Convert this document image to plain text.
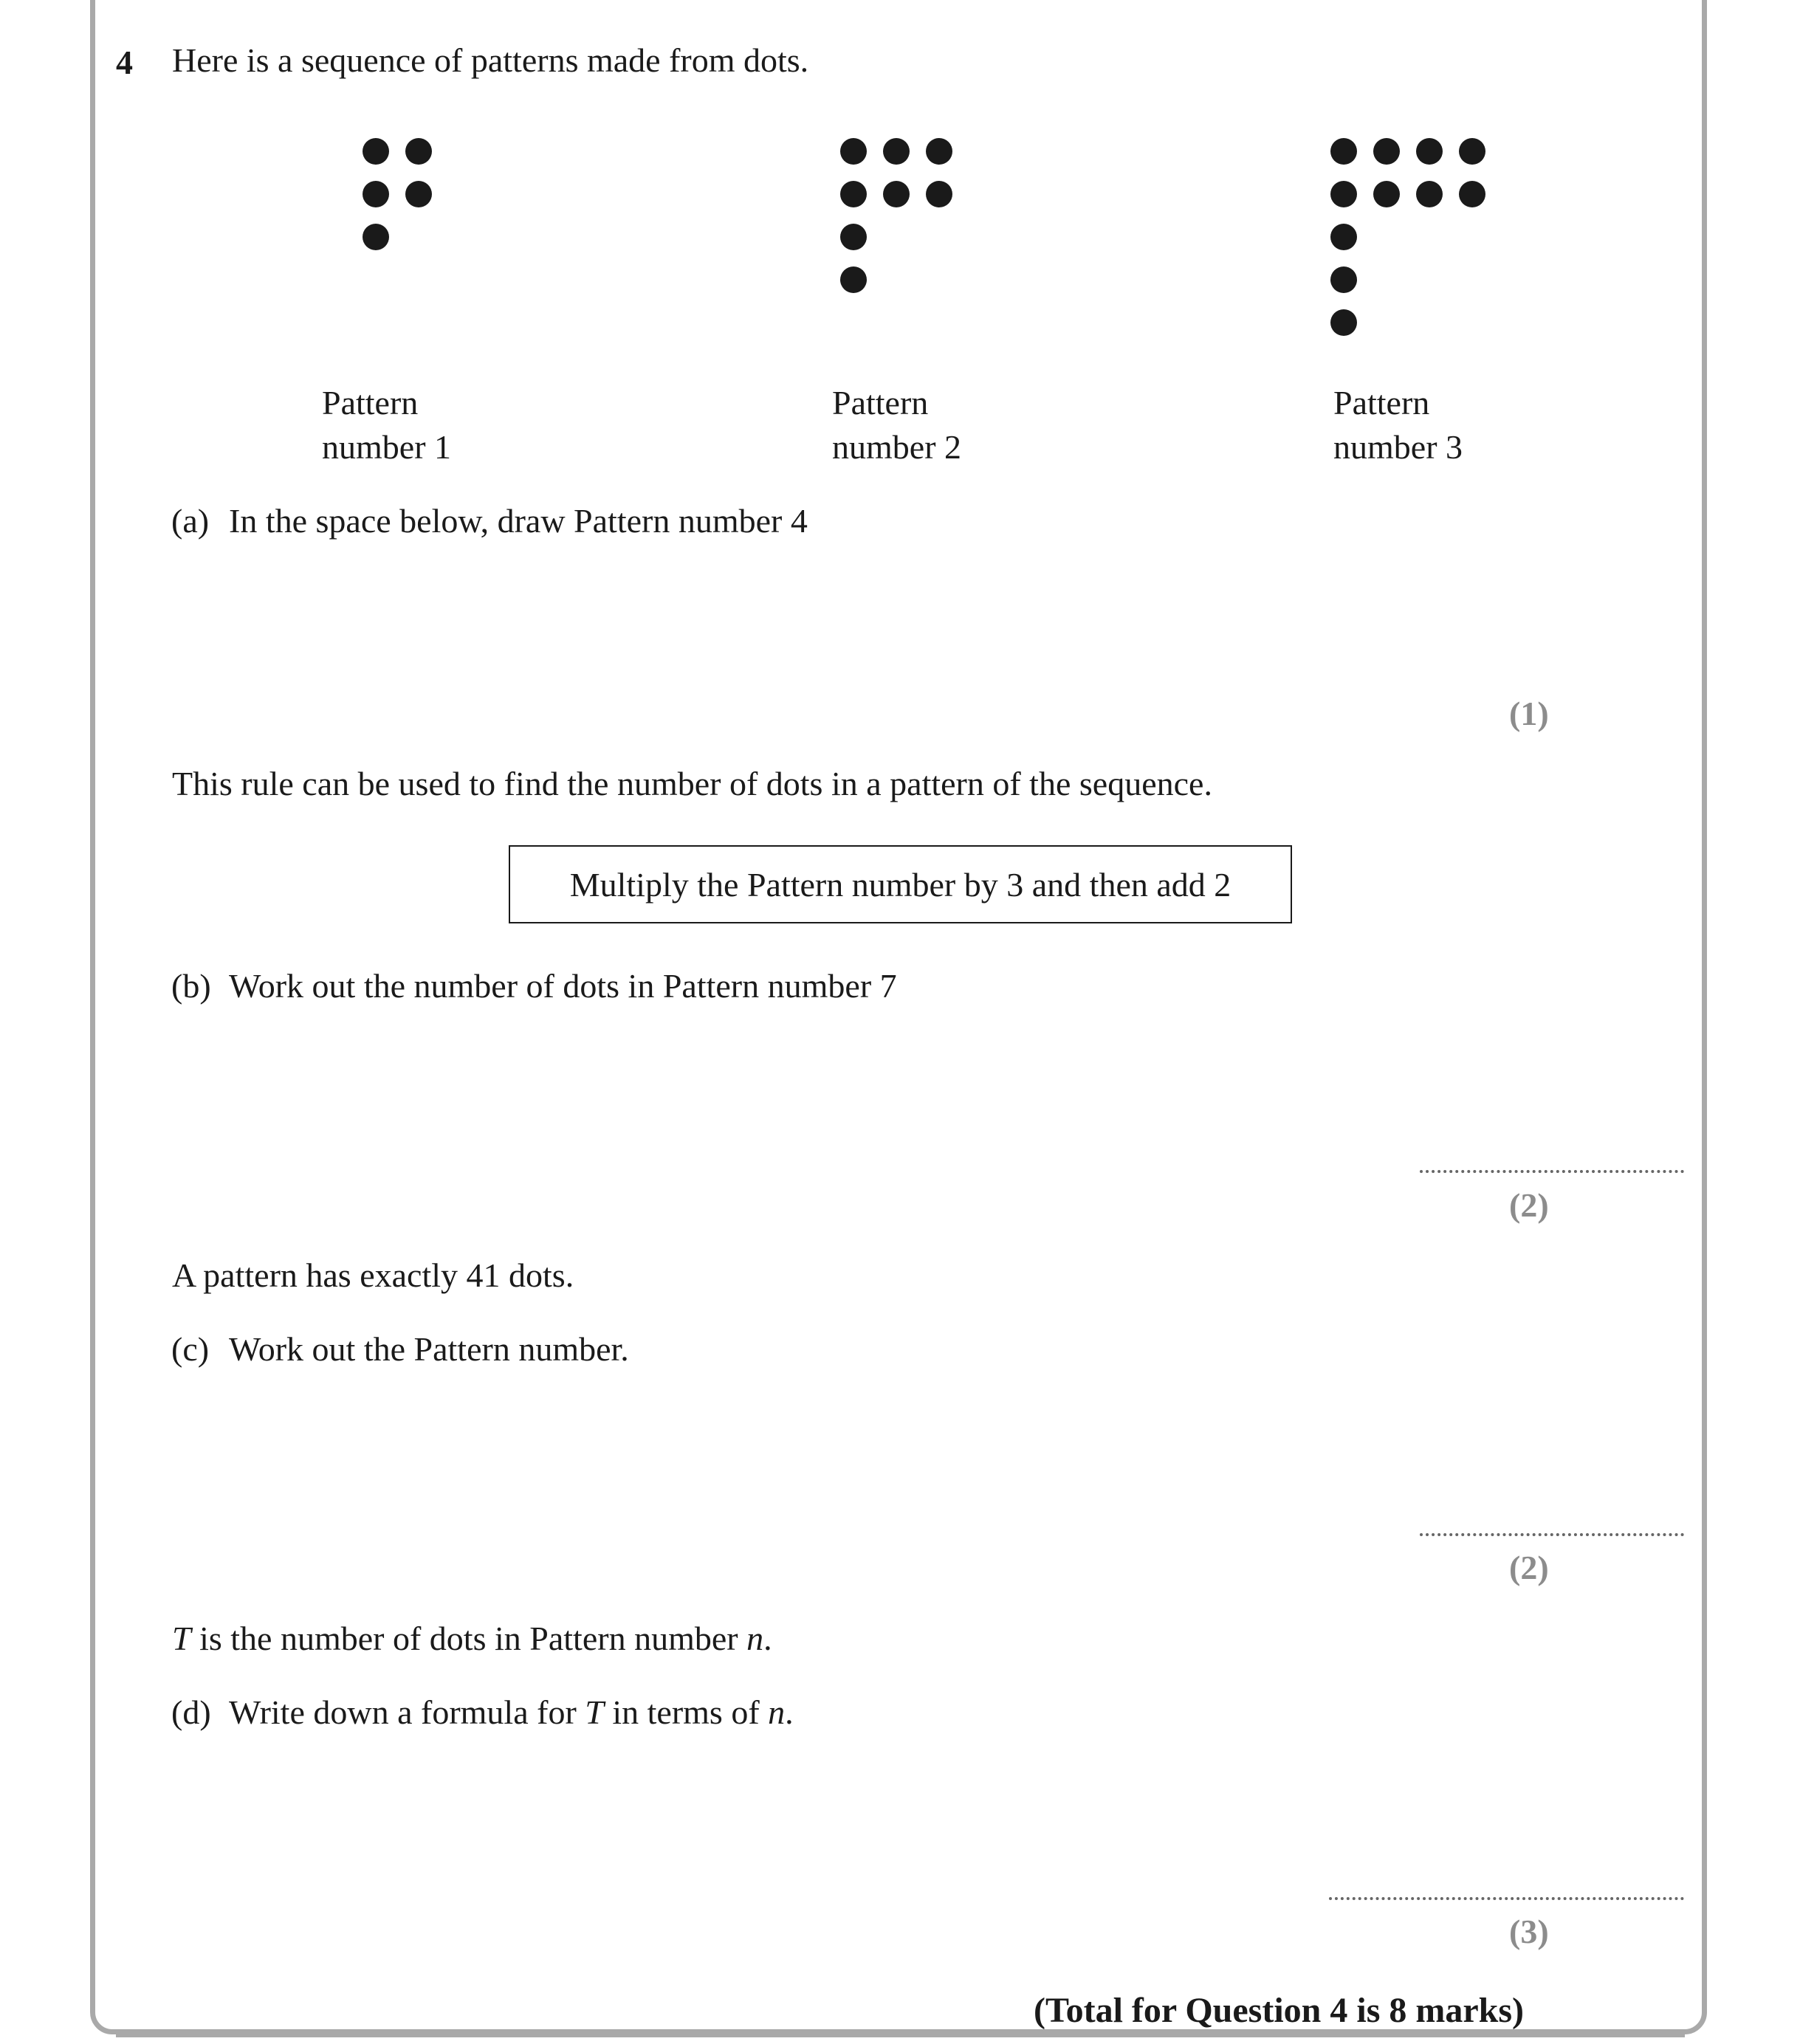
4 Here is a sequence of patterns made from dots.
Pattern
number 1
Pattern
number 2
Pattern
number 3
(a) In the space below, draw Pattern number 4
(1)
This rule can be used to find the number of dots in a pattern of the sequence.
Multiply the Pattern number by 3 and then add 2
(b) Work out the number of dots in Pattern number 7
(2)
A pattern has exactly 41 dots.
(c) Work out the Pattern number.
(2)
T is the number of dots in Pattern number n.
(d) Write down a formula for T in terms of n.
(3)
(Total for Question 4 is 8 marks)
